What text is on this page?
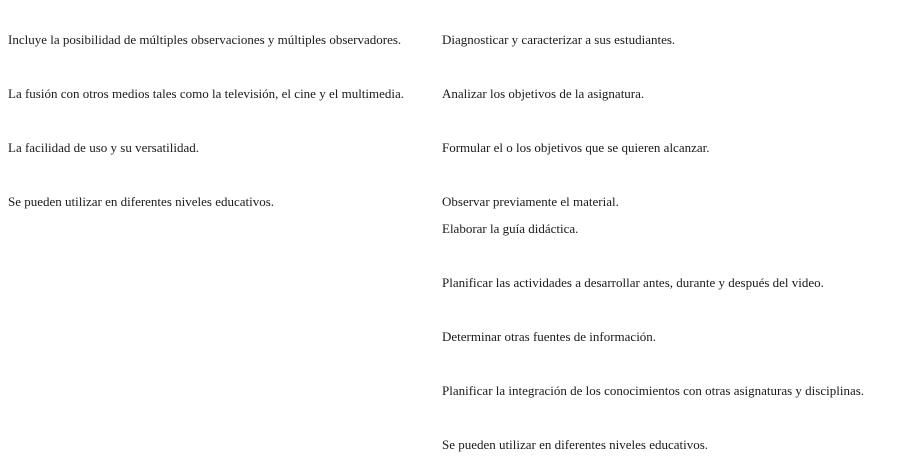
Incluye la posibilidad de múltiples observaciones y múltiples observadores.
La fusión con otros medios tales como la televisión, el cine y el multimedia.
La facilidad de uso y su versatilidad.
Se pueden utilizar en diferentes niveles educativos.
Diagnosticar y caracterizar a sus estudiantes.
Analizar los objetivos de la asignatura.
Formular el o los objetivos que se quieren alcanzar.
Observar previamente el material.
Elaborar la guía didáctica.
Planificar las actividades a desarrollar antes, durante y después del video.
Determinar otras fuentes de información.
Planificar la integración de los conocimientos con otras asignaturas y disciplinas.
Se pueden utilizar en diferentes niveles educativos.
